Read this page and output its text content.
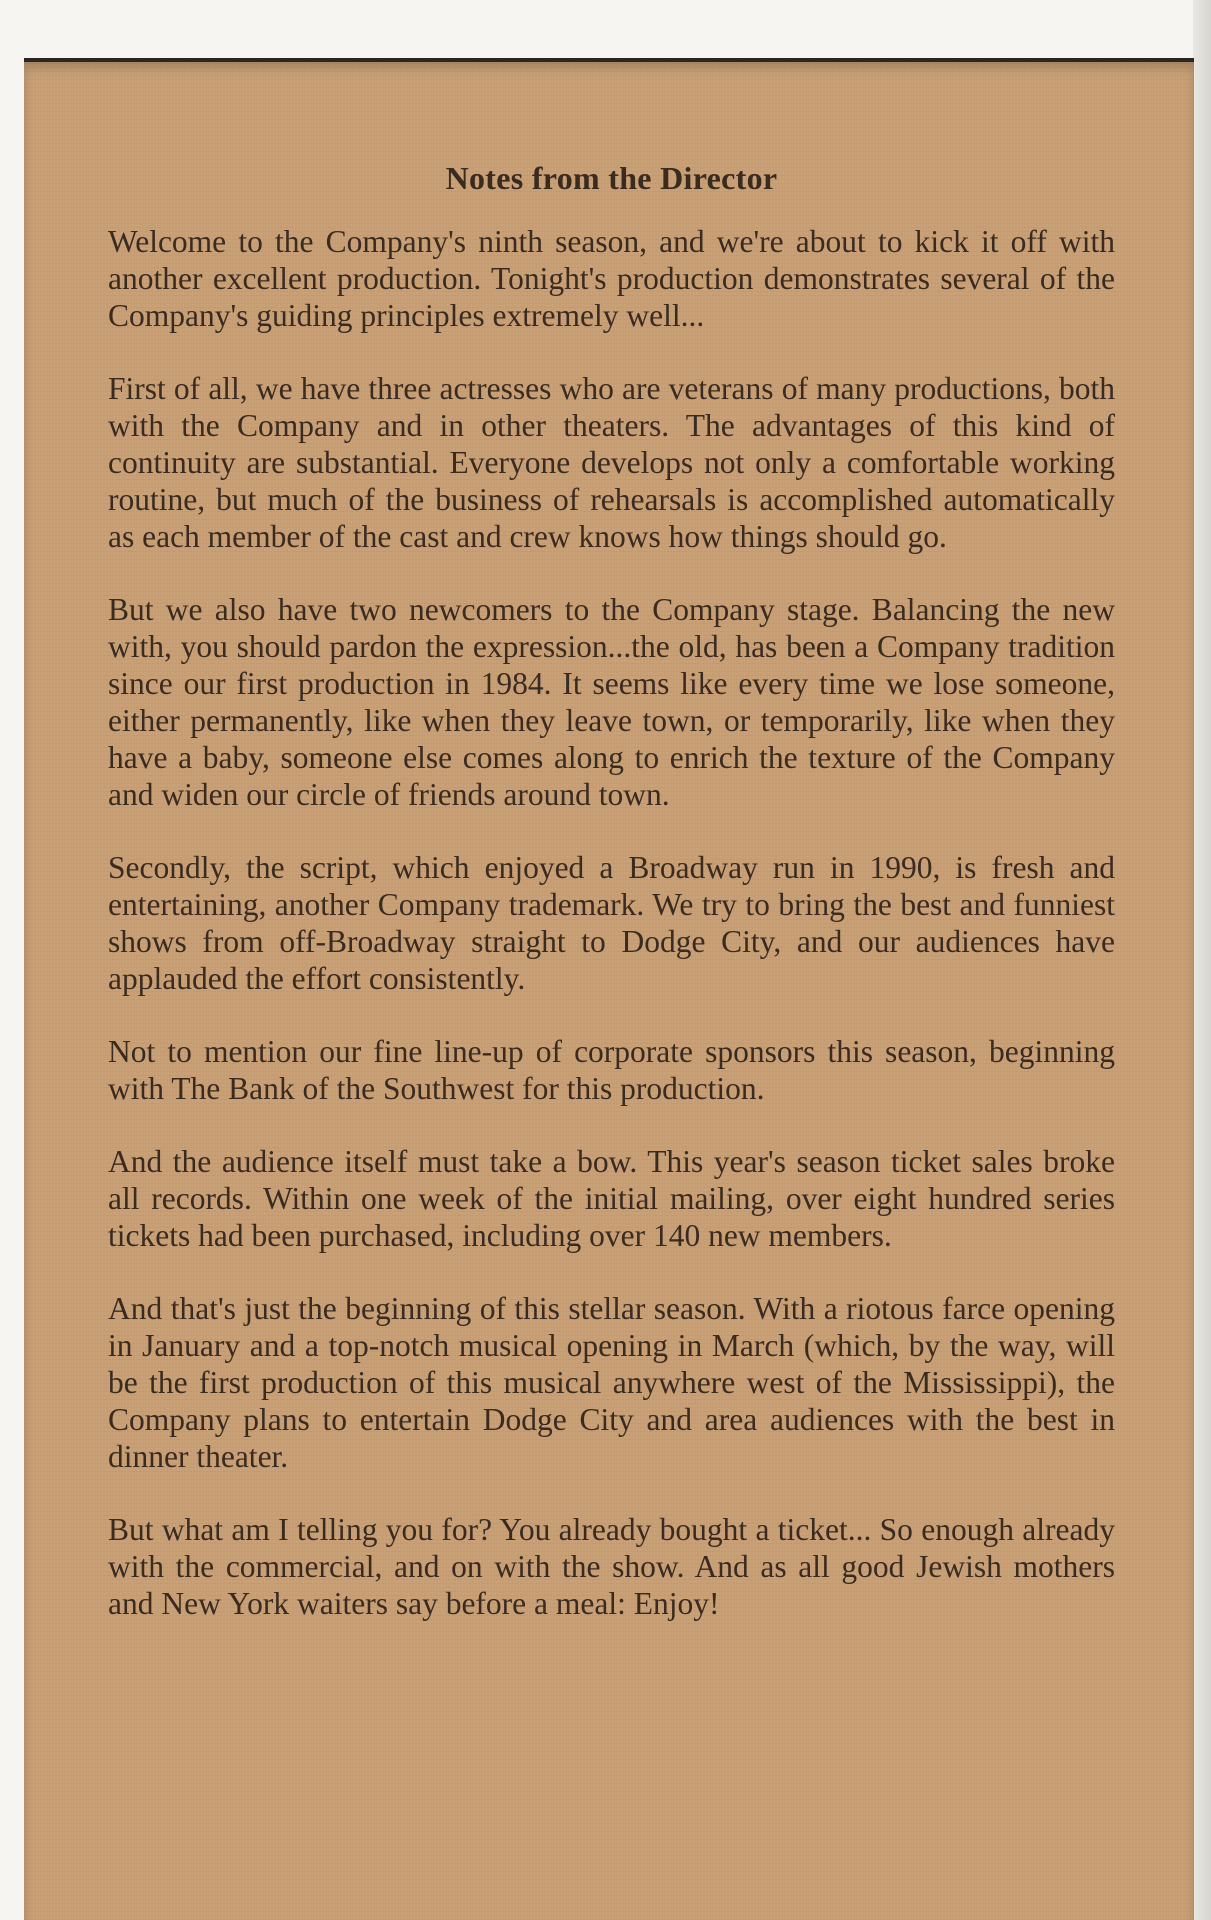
Notes from the Director

Welcome to the Company's ninth season, and we're about to kick it off with another excellent production. Tonight's production demonstrates several of the Company's guiding principles extremely well...

First of all, we have three actresses who are veterans of many productions, both with the Company and in other theaters. The advantages of this kind of continuity are substantial. Everyone develops not only a comfortable working routine, but much of the business of rehearsals is accomplished automatically as each member of the cast and crew knows how things should go.

But we also have two newcomers to the Company stage. Balancing the new with, you should pardon the expression...the old, has been a Company tradition since our first production in 1984. It seems like every time we lose someone, either permanently, like when they leave town, or temporarily, like when they have a baby, someone else comes along to enrich the texture of the Company and widen our circle of friends around town.

Secondly, the script, which enjoyed a Broadway run in 1990, is fresh and entertaining, another Company trademark. We try to bring the best and funniest shows from off-Broadway straight to Dodge City, and our audiences have applauded the effort consistently.

Not to mention our fine line-up of corporate sponsors this season, beginning with The Bank of the Southwest for this production.

And the audience itself must take a bow. This year's season ticket sales broke all records. Within one week of the initial mailing, over eight hundred series tickets had been purchased, including over 140 new members.

And that's just the beginning of this stellar season. With a riotous farce opening in January and a top-notch musical opening in March (which, by the way, will be the first production of this musical anywhere west of the Mississippi), the Company plans to entertain Dodge City and area audiences with the best in dinner theater.

But what am I telling you for? You already bought a ticket... So enough already with the commercial, and on with the show. And as all good Jewish mothers and New York waiters say before a meal: Enjoy!
